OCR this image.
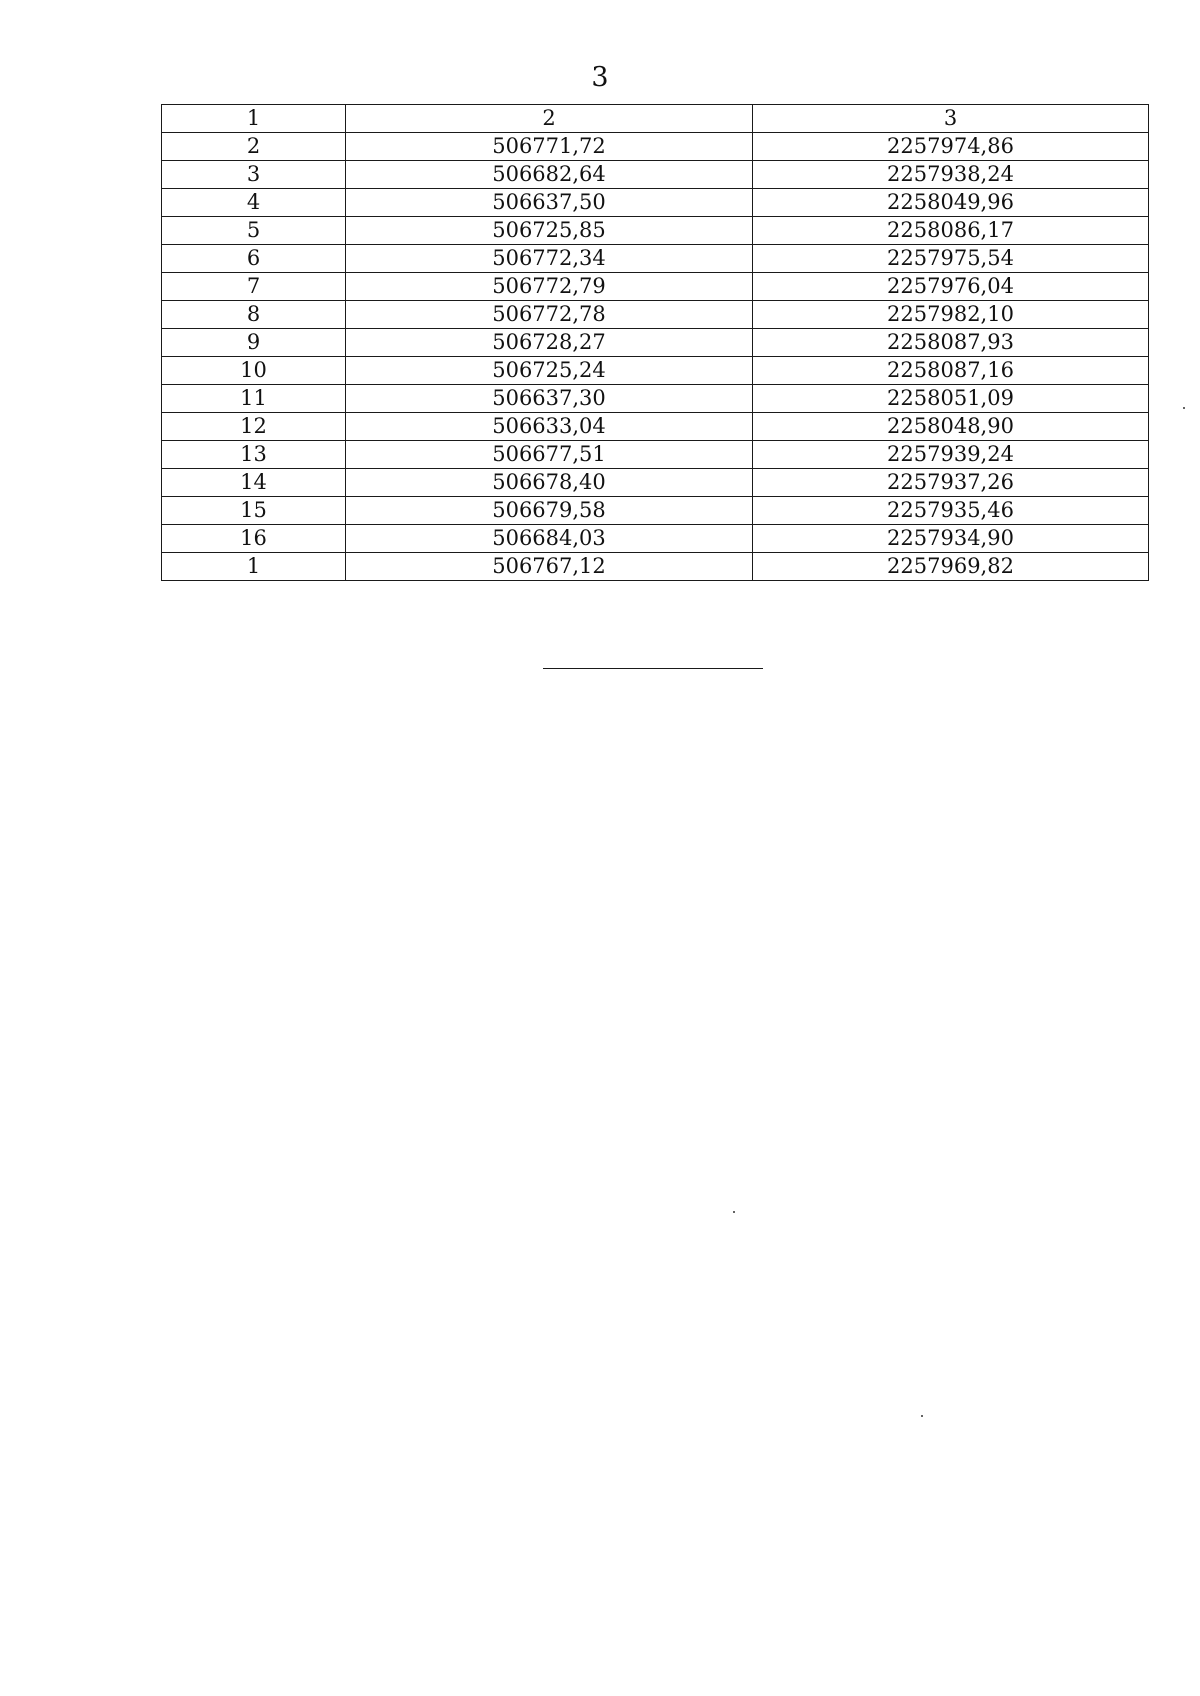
3
1	2	3
2	506771,72	2257974,86
3	506682,64	2257938,24
4	506637,50	2258049,96
5	506725,85	2258086,17
6	506772,34	2257975,54
7	506772,79	2257976,04
8	506772,78	2257982,10
9	506728,27	2258087,93
10	506725,24	2258087,16
11	506637,30	2258051,09
12	506633,04	2258048,90
13	506677,51	2257939,24
14	506678,40	2257937,26
15	506679,58	2257935,46
16	506684,03	2257934,90
1	506767,12	2257969,82
